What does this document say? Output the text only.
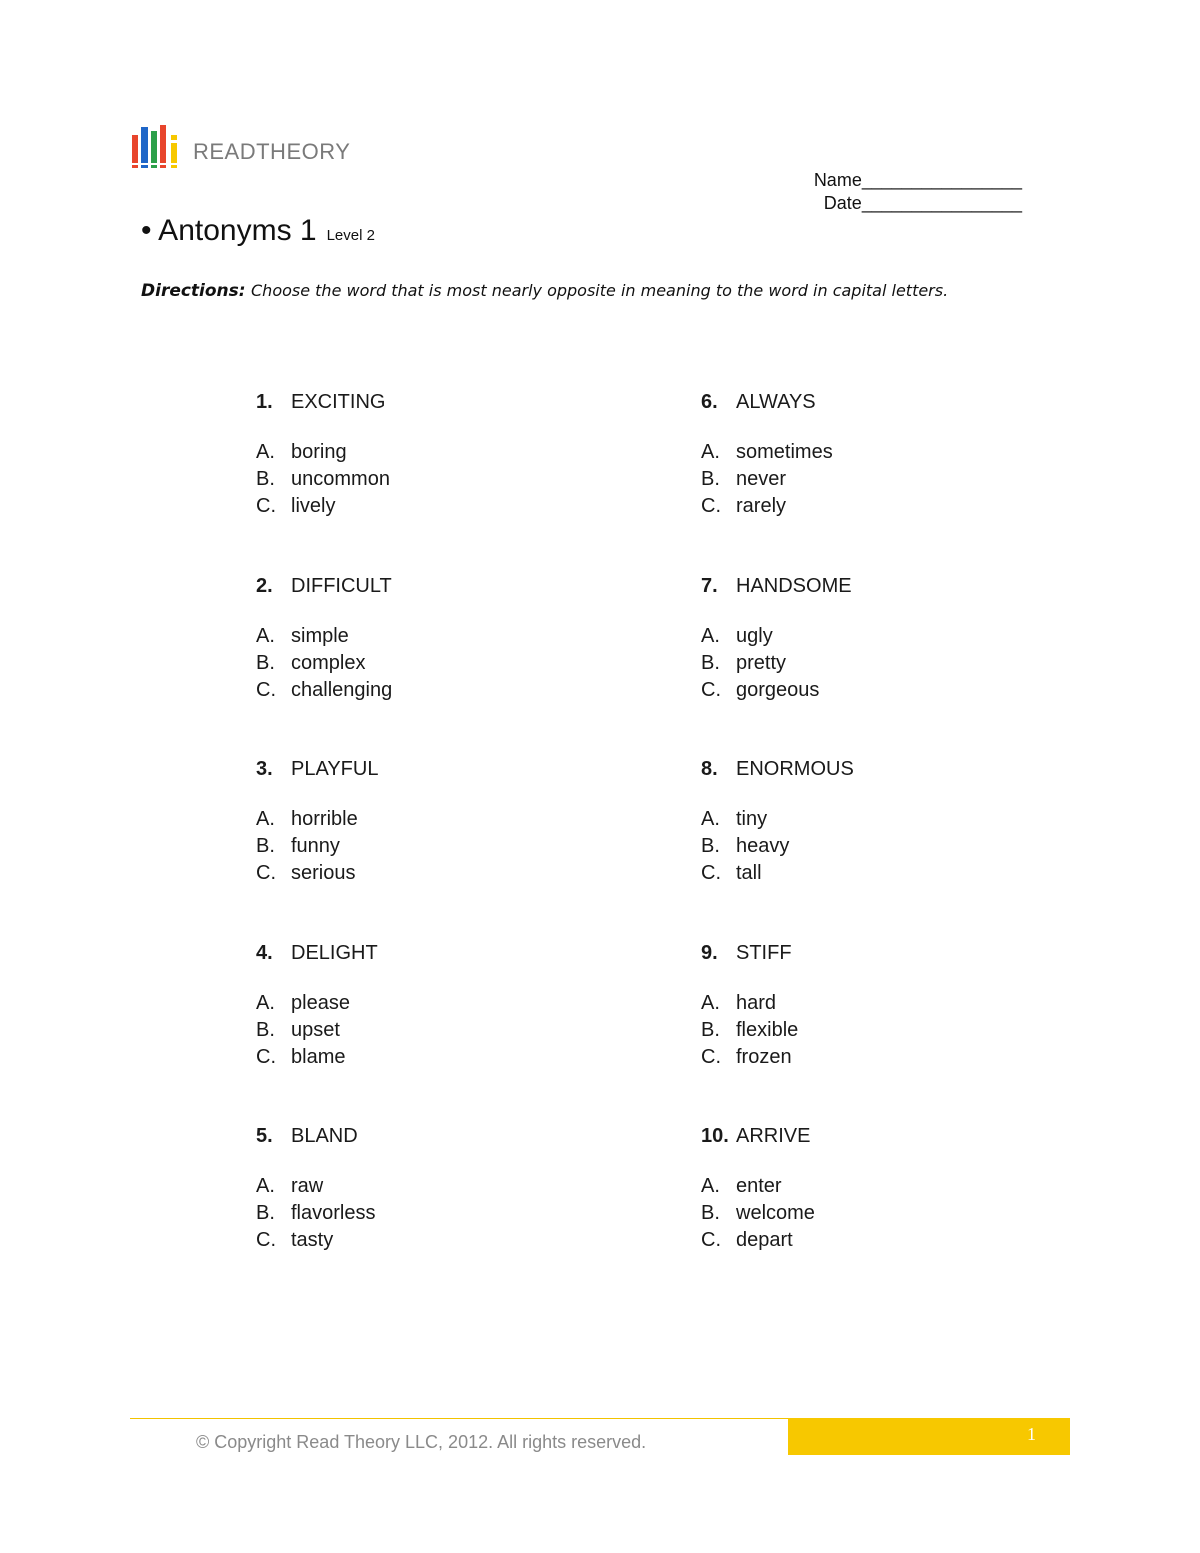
READTHEORY
Name________________
Date________________
• Antonyms 1 Level 2
Directions: Choose the word that is most nearly opposite in meaning to the word in capital letters.
1. EXCITING
A. boring
B. uncommon
C. lively
2. DIFFICULT
A. simple
B. complex
C. challenging
3. PLAYFUL
A. horrible
B. funny
C. serious
4. DELIGHT
A. please
B. upset
C. blame
5. BLAND
A. raw
B. flavorless
C. tasty
6. ALWAYS
A. sometimes
B. never
C. rarely
7. HANDSOME
A. ugly
B. pretty
C. gorgeous
8. ENORMOUS
A. tiny
B. heavy
C. tall
9. STIFF
A. hard
B. flexible
C. frozen
10. ARRIVE
A. enter
B. welcome
C. depart
© Copyright Read Theory LLC, 2012. All rights reserved.	1
